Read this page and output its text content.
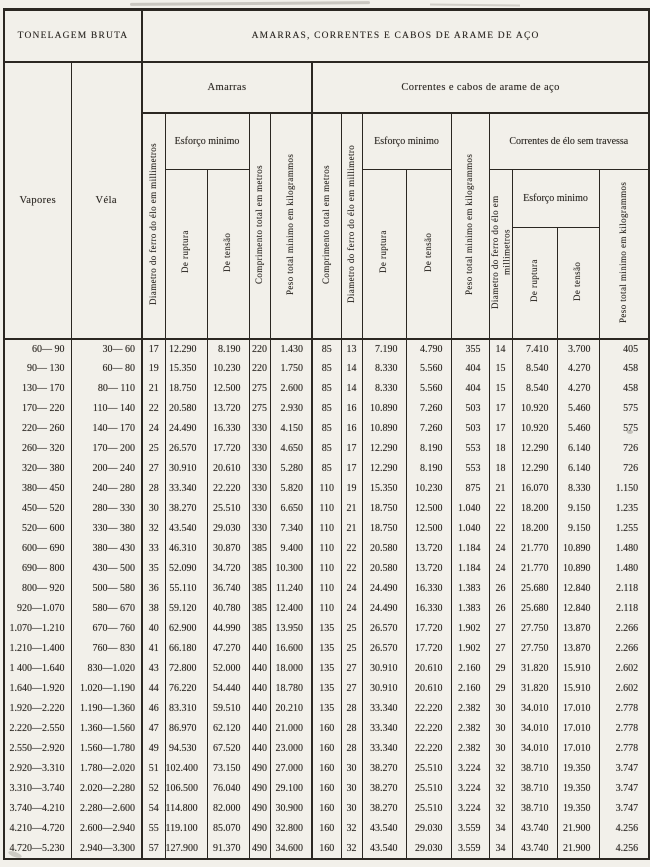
TONELAGEM BRUTA		AMARRAS, CORRENTES E CABOS DE ARAME DE AÇO													
Vapores	Véla	Amarras					Correntes e cabos de arame de aço								
		Diametro do ferro do élo em millimetros	Esforço minimo		Comprimento total em metros	Peso total minimo em kilogrammos	Comprimento total em metros	Diametro do ferro do élo em millimetro	Esforço minimo		Peso total minimo em kilogrammos	Correntes de élo sem travessa			
			De ruptura	De tensão					De ruptura	De tensão		Diametro do ferro do élo em millimetros	Esforço minimo		Peso total minimo em kilogrammos
													De ruptura	De tensão	
60— 90	30— 60	17	12.290	8.190	220	1.430	85	13	7.190	4.790	355	14	7.410	3.700	405
90— 130	60— 80	19	15.350	10.230	220	1.750	85	14	8.330	5.560	404	15	8.540	4.270	458
130— 170	80— 110	21	18.750	12.500	275	2.600	85	14	8.330	5.560	404	15	8.540	4.270	458
170— 220	110— 140	22	20.580	13.720	275	2.930	85	16	10.890	7.260	503	17	10.920	5.460	575
220— 260	140— 170	24	24.490	16.330	330	4.150	85	16	10.890	7.260	503	17	10.920	5.460	575
260— 320	170— 200	25	26.570	17.720	330	4.650	85	17	12.290	8.190	553	18	12.290	6.140	726
320— 380	200— 240	27	30.910	20.610	330	5.280	85	17	12.290	8.190	553	18	12.290	6.140	726
380— 450	240— 280	28	33.340	22.220	330	5.820	110	19	15.350	10.230	875	21	16.070	8.330	1.150
450— 520	280— 330	30	38.270	25.510	330	6.650	110	21	18.750	12.500	1.040	22	18.200	9.150	1.235
520— 600	330— 380	32	43.540	29.030	330	7.340	110	21	18.750	12.500	1.040	22	18.200	9.150	1.255
600— 690	380— 430	33	46.310	30.870	385	9.400	110	22	20.580	13.720	1.184	24	21.770	10.890	1.480
690— 800	430— 500	35	52.090	34.720	385	10.300	110	22	20.580	13.720	1.184	24	21.770	10.890	1.480
800— 920	500— 580	36	55.110	36.740	385	11.240	110	24	24.490	16.330	1.383	26	25.680	12.840	2.118
920—1.070	580— 670	38	59.120	40.780	385	12.400	110	24	24.490	16.330	1.383	26	25.680	12.840	2.118
1.070—1.210	670— 760	40	62.900	44.990	385	13.950	135	25	26.570	17.720	1.902	27	27.750	13.870	2.266
1.210—1.400	760— 830	41	66.180	47.270	440	16.600	135	25	26.570	17.720	1.902	27	27.750	13.870	2.266
1 400—1.640	830—1.020	43	72.800	52.000	440	18.000	135	27	30.910	20.610	2.160	29	31.820	15.910	2.602
1.640—1.920	1.020—1.190	44	76.220	54.440	440	18.780	135	27	30.910	20.610	2.160	29	31.820	15.910	2.602
1.920—2.220	1.190—1.360	46	83.310	59.510	440	20.210	135	28	33.340	22.220	2.382	30	34.010	17.010	2.778
2.220—2.550	1.360—1.560	47	86.970	62.120	440	21.000	160	28	33.340	22.220	2.382	30	34.010	17.010	2.778
2.550—2.920	1.560—1.780	49	94.530	67.520	440	23.000	160	28	33.340	22.220	2.382	30	34.010	17.010	2.778
2.920—3.310	1.780—2.020	51	102.400	73.150	490	27.000	160	30	38.270	25.510	3.224	32	38.710	19.350	3.747
3.310—3.740	2.020—2.280	52	106.500	76.040	490	29.100	160	30	38.270	25.510	3.224	32	38.710	19.350	3.747
3.740—4.210	2.280—2.600	54	114.800	82.000	490	30.900	160	30	38.270	25.510	3.224	32	38.710	19.350	3.747
4.210—4.720	2.600—2.940	55	119.100	85.070	490	32.800	160	32	43.540	29.030	3.559	34	43.740	21.900	4.256
4.720—5.230	2.940—3.300	57	127.900	91.370	490	34.600	160	32	43.540	29.030	3.559	34	43.740	21.900	4.256
